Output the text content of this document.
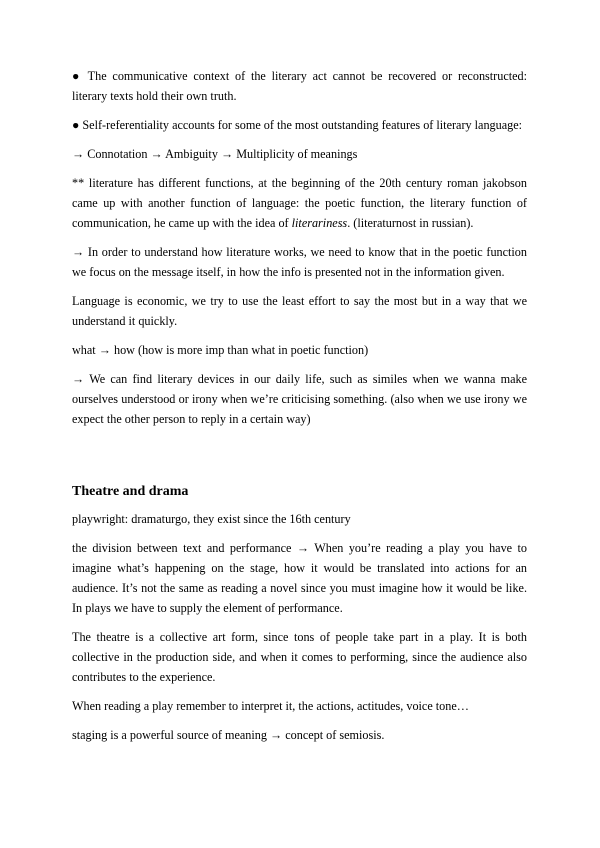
● The communicative context of the literary act cannot be recovered or reconstructed: literary texts hold their own truth.

● Self-referentiality accounts for some of the most outstanding features of literary language:

→ Connotation → Ambiguity → Multiplicity of meanings

** literature has different functions, at the beginning of the 20th century roman jakobson came up with another function of language: the poetic function, the literary function of communication, he came up with the idea of literariness. (literaturnost in russian).

→ In order to understand how literature works, we need to know that in the poetic function we focus on the message itself, in how the info is presented not in the information given.

Language is economic, we try to use the least effort to say the most but in a way that we understand it quickly.

what → how (how is more imp than what in poetic function)

→ We can find literary devices in our daily life, such as similes when we wanna make ourselves understood or irony when we’re criticising something. (also when we use irony we expect the other person to reply in a certain way)

Theatre and drama

playwright: dramaturgo, they exist since the 16th century

the division between text and performance → When you’re reading a play you have to imagine what’s happening on the stage, how it would be translated into actions for an audience. It’s not the same as reading a novel since you must imagine how it would be like. In plays we have to supply the element of performance.

The theatre is a collective art form, since tons of people take part in a play. It is both collective in the production side, and when it comes to performing, since the audience also contributes to the experience.

When reading a play remember to interpret it, the actions, actitudes, voice tone…

staging is a powerful source of meaning → concept of semiosis.
